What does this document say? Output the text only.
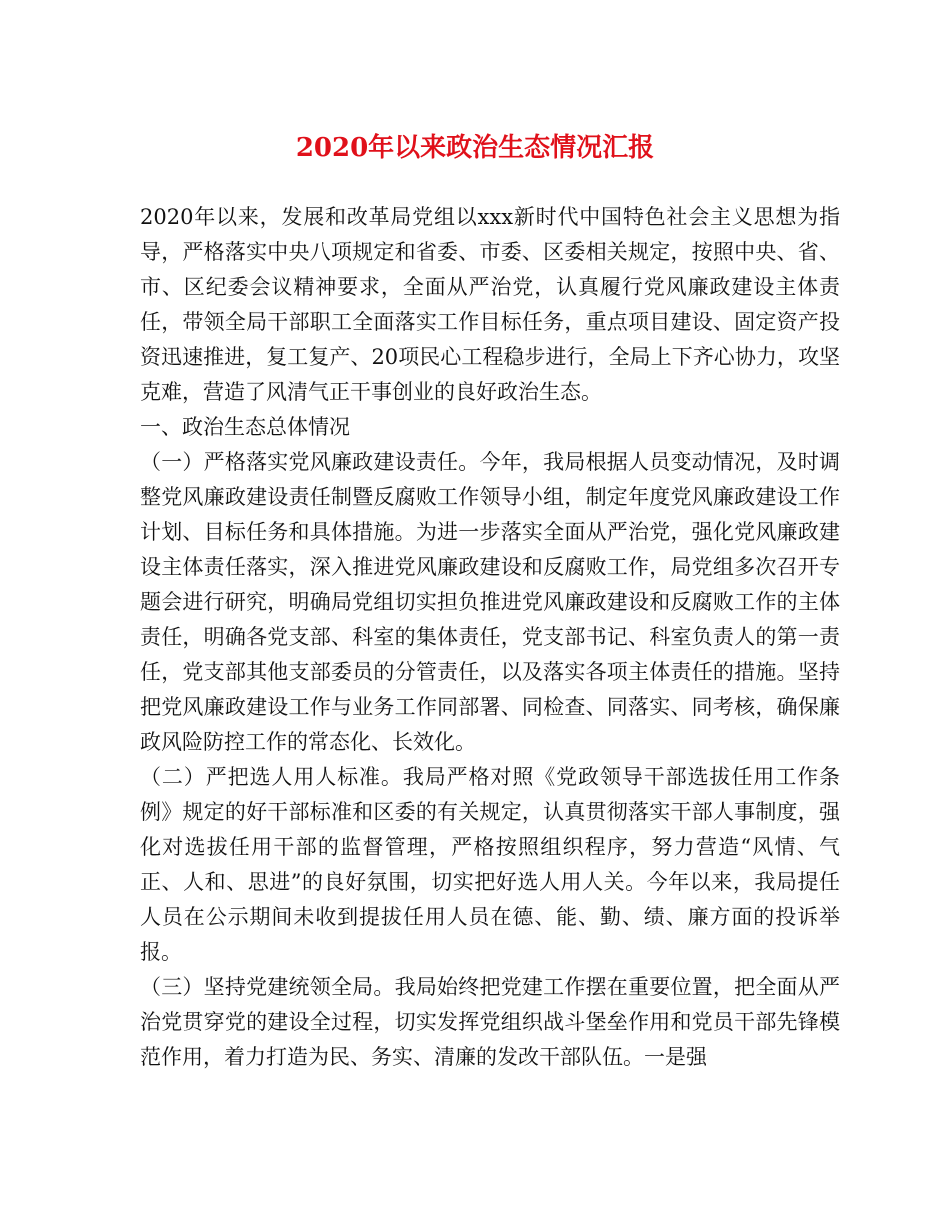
2020年以来政治生态情况汇报

2020年以来，发展和改革局党组以xxx新时代中国特色社会主义思想为指导，严格落实中央八项规定和省委、市委、区委相关规定，按照中央、省、市、区纪委会议精神要求，全面从严治党，认真履行党风廉政建设主体责任，带领全局干部职工全面落实工作目标任务，重点项目建设、固定资产投资迅速推进，复工复产、20项民心工程稳步进行，全局上下齐心协力，攻坚克难，营造了风清气正干事创业的良好政治生态。

一、政治生态总体情况

（一）严格落实党风廉政建设责任。今年，我局根据人员变动情况，及时调整党风廉政建设责任制暨反腐败工作领导小组，制定年度党风廉政建设工作计划、目标任务和具体措施。为进一步落实全面从严治党，强化党风廉政建设主体责任落实，深入推进党风廉政建设和反腐败工作，局党组多次召开专题会进行研究，明确局党组切实担负推进党风廉政建设和反腐败工作的主体责任，明确各党支部、科室的集体责任，党支部书记、科室负责人的第一责任，党支部其他支部委员的分管责任，以及落实各项主体责任的措施。坚持把党风廉政建设工作与业务工作同部署、同检查、同落实、同考核，确保廉政风险防控工作的常态化、长效化。

（二）严把选人用人标准。我局严格对照《党政领导干部选拔任用工作条例》规定的好干部标准和区委的有关规定，认真贯彻落实干部人事制度，强化对选拔任用干部的监督管理，严格按照组织程序，努力营造“风情、气正、人和、思进”的良好氛围，切实把好选人用人关。今年以来，我局提任人员在公示期间未收到提拔任用人员在德、能、勤、绩、廉方面的投诉举报。

（三）坚持党建统领全局。我局始终把党建工作摆在重要位置，把全面从严治党贯穿党的建设全过程，切实发挥党组织战斗堡垒作用和党员干部先锋模范作用，着力打造为民、务实、清廉的发改干部队伍。一是强
